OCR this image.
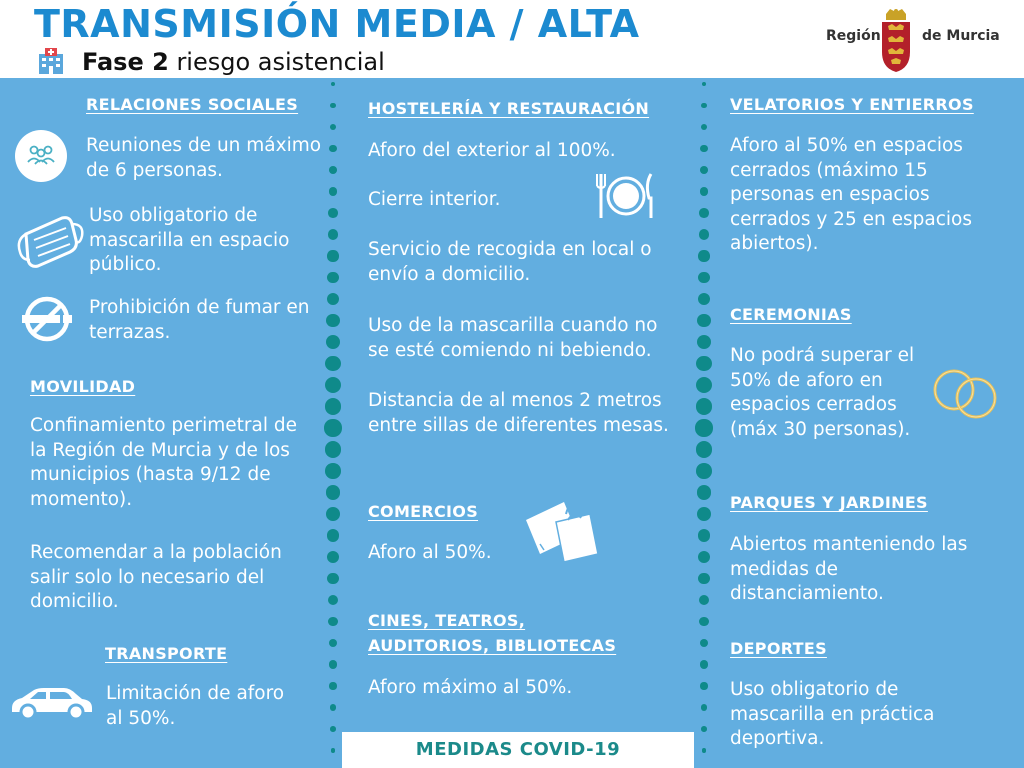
TRANSMISIÓN MEDIA / ALTA
Fase 2 riesgo asistencial
Región	de Murcia
RELACIONES SOCIALES
Reuniones de un máximo de 6 personas.
Uso obligatorio de mascarilla en espacio público.
Prohibición de fumar en terrazas.
MOVILIDAD
Confinamiento perimetral de la Región de Murcia y de los municipios (hasta 9/12 de momento).
Recomendar a la población salir solo lo necesario del domicilio.
TRANSPORTE
Limitación de aforo al 50%.
HOSTELERÍA Y RESTAURACIÓN
Aforo del exterior al 100%.
Cierre interior.
Servicio de recogida en local o envío a domicilio.
Uso de la mascarilla cuando no se esté comiendo ni bebiendo.
Distancia de al menos 2 metros entre sillas de diferentes mesas.
COMERCIOS
Aforo al 50%.
CINES, TEATROS,
AUDITORIOS, BIBLIOTECAS
Aforo máximo al 50%.
VELATORIOS Y ENTIERROS
Aforo al 50% en espacios cerrados (máximo 15 personas en espacios cerrados y 25 en espacios abiertos).
CEREMONIAS
No podrá superar el 50% de aforo en espacios cerrados (máx 30 personas).
PARQUES Y JARDINES
Abiertos manteniendo las medidas de distanciamiento.
DEPORTES
Uso obligatorio de mascarilla en práctica deportiva.
MEDIDAS COVID-19
